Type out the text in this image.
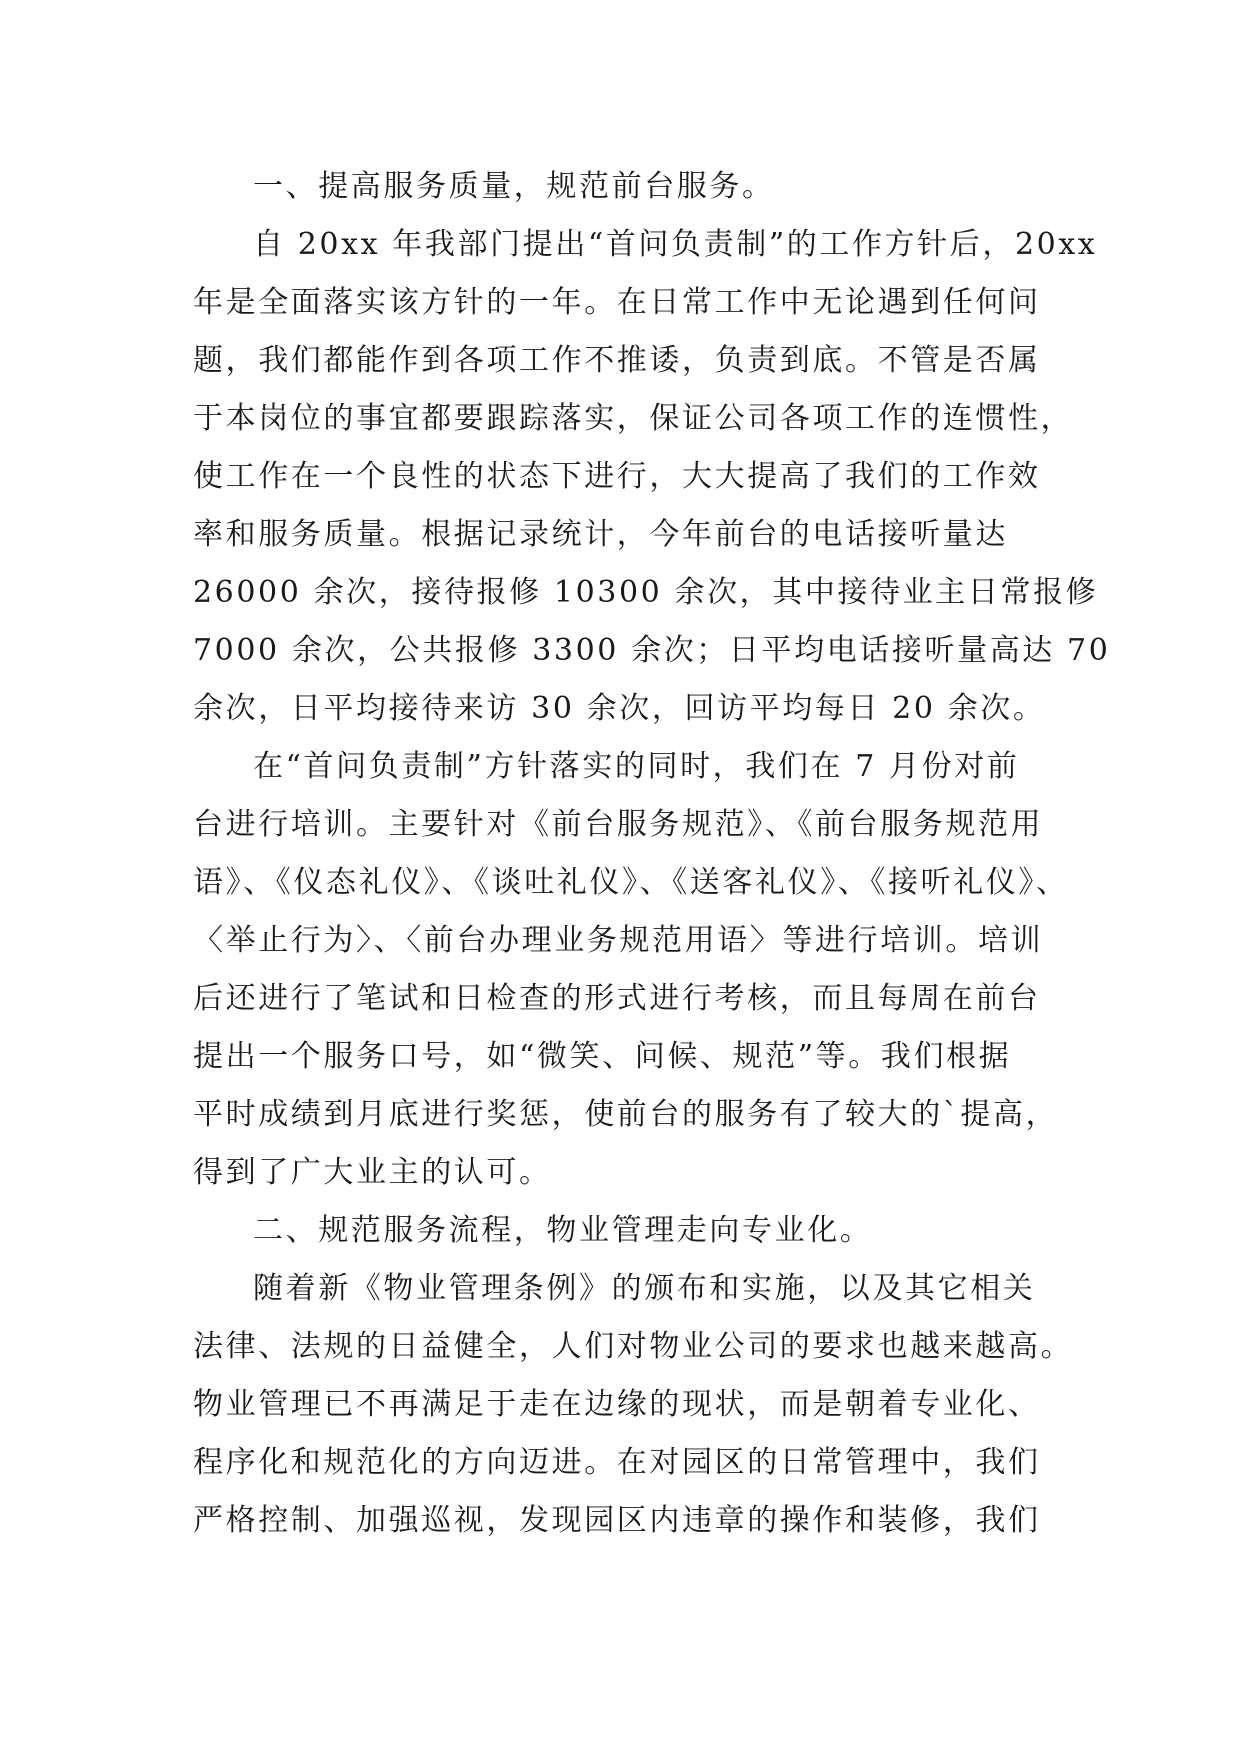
一、提高服务质量，规范前台服务。
自 20xx 年我部门提出“首问负责制”的工作方针后，20xx
年是全面落实该方针的一年。在日常工作中无论遇到任何问
题，我们都能作到各项工作不推诿，负责到底。不管是否属
于本岗位的事宜都要跟踪落实，保证公司各项工作的连惯性，
使工作在一个良性的状态下进行，大大提高了我们的工作效
率和服务质量。根据记录统计，今年前台的电话接听量达
26000 余次，接待报修 10300 余次，其中接待业主日常报修
7000 余次，公共报修 3300 余次；日平均电话接听量高达 70
余次，日平均接待来访 30 余次，回访平均每日 20 余次。
在“首问负责制”方针落实的同时，我们在 7 月份对前
台进行培训。主要针对《前台服务规范》、《前台服务规范用
语》、《仪态礼仪》、《谈吐礼仪》、《送客礼仪》、《接听礼仪》、
〈举止行为〉、〈前台办理业务规范用语〉等进行培训。培训
后还进行了笔试和日检查的形式进行考核，而且每周在前台
提出一个服务口号，如“微笑、问候、规范”等。我们根据
平时成绩到月底进行奖惩，使前台的服务有了较大的`提高，
得到了广大业主的认可。
二、规范服务流程，物业管理走向专业化。
随着新《物业管理条例》的颁布和实施，以及其它相关
法律、法规的日益健全，人们对物业公司的要求也越来越高。
物业管理已不再满足于走在边缘的现状，而是朝着专业化、
程序化和规范化的方向迈进。在对园区的日常管理中，我们
严格控制、加强巡视，发现园区内违章的操作和装修，我们
